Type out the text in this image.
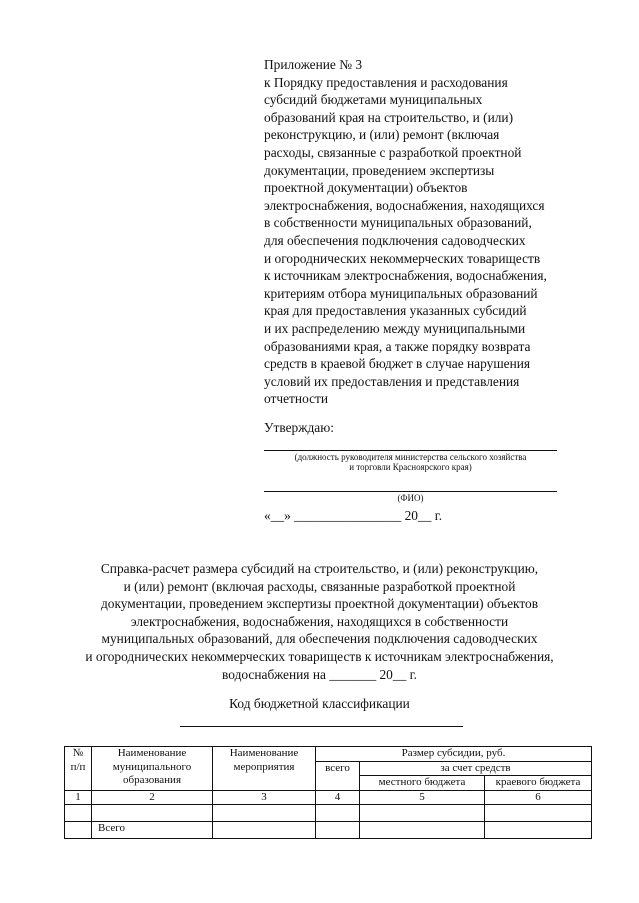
Приложение № 3
к Порядку предоставления и расходования
субсидий бюджетами муниципальных
образований края на строительство, и (или)
реконструкцию, и (или) ремонт (включая
расходы, связанные с разработкой проектной
документации, проведением экспертизы
проектной документации) объектов
электроснабжения, водоснабжения, находящихся
в собственности муниципальных образований,
для обеспечения подключения садоводческих
и огороднических некоммерческих товариществ
к источникам электроснабжения, водоснабжения,
критериям отбора муниципальных образований
края для предоставления указанных субсидий
и их распределению между муниципальными
образованиями края, а также порядку возврата
средств в краевой бюджет в случае нарушения
условий их предоставления и представления
отчетности
Утверждаю:
(должность руководителя министерства сельского хозяйства
и торговли Красноярского края)
(ФИО)
«__» ________________ 20__ г.
Справка-расчет размера субсидий на строительство, и (или) реконструкцию,
и (или) ремонт (включая расходы, связанные разработкой проектной
документации, проведением экспертизы проектной документации) объектов
электроснабжения, водоснабжения, находящихся в собственности
муниципальных образований, для обеспечения подключения садоводческих
и огороднических некоммерческих товариществ к источникам электроснабжения,
водоснабжения на _______ 20__ г.
Код бюджетной классификации
№ п/п	Наименование муниципального образования	Наименование мероприятия	Размер субсидии, руб.		
			всего	за счет средств	
				местного бюджета	краевого бюджета
1	2	3	4	5	6

	Всего				
